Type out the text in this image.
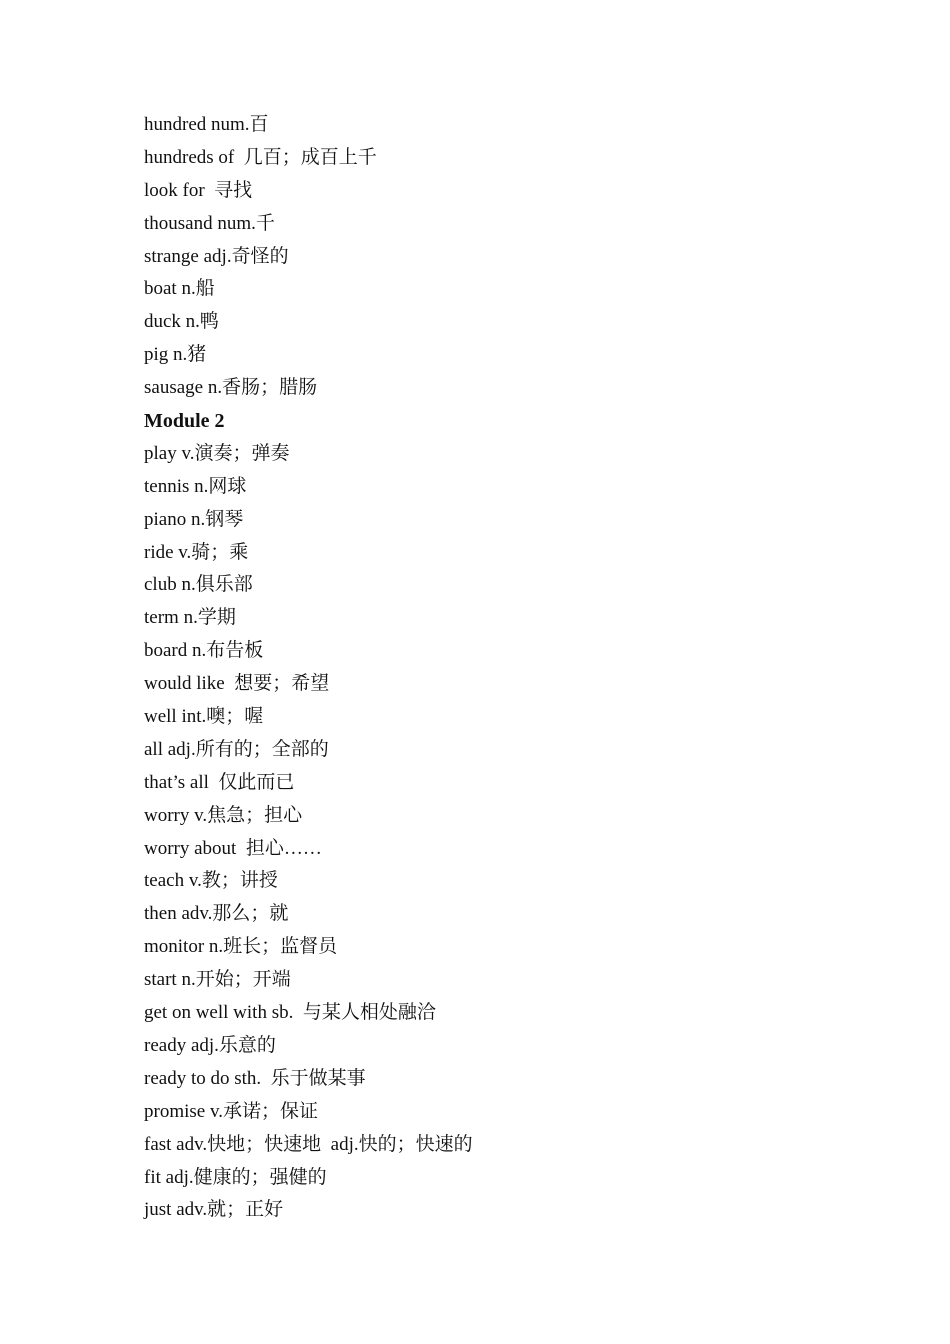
hundred num.百
hundreds of  几百；成百上千
look for  寻找
thousand num.千
strange adj.奇怪的
boat n.船
duck n.鸭
pig n.猪
sausage n.香肠；腊肠
Module 2
play v.演奏；弹奏
tennis n.网球
piano n.钢琴
ride v.骑；乘
club n.俱乐部
term n.学期
board n.布告板
would like  想要；希望
well int.噢；喔
all adj.所有的；全部的
that’s all  仅此而已
worry v.焦急；担心
worry about  担心……
teach v.教；讲授
then adv.那么；就
monitor n.班长；监督员
start n.开始；开端
get on well with sb.  与某人相处融洽
ready adj.乐意的
ready to do sth.  乐于做某事
promise v.承诺；保证
fast adv.快地；快速地  adj.快的；快速的
fit adj.健康的；强健的
just adv.就；正好
